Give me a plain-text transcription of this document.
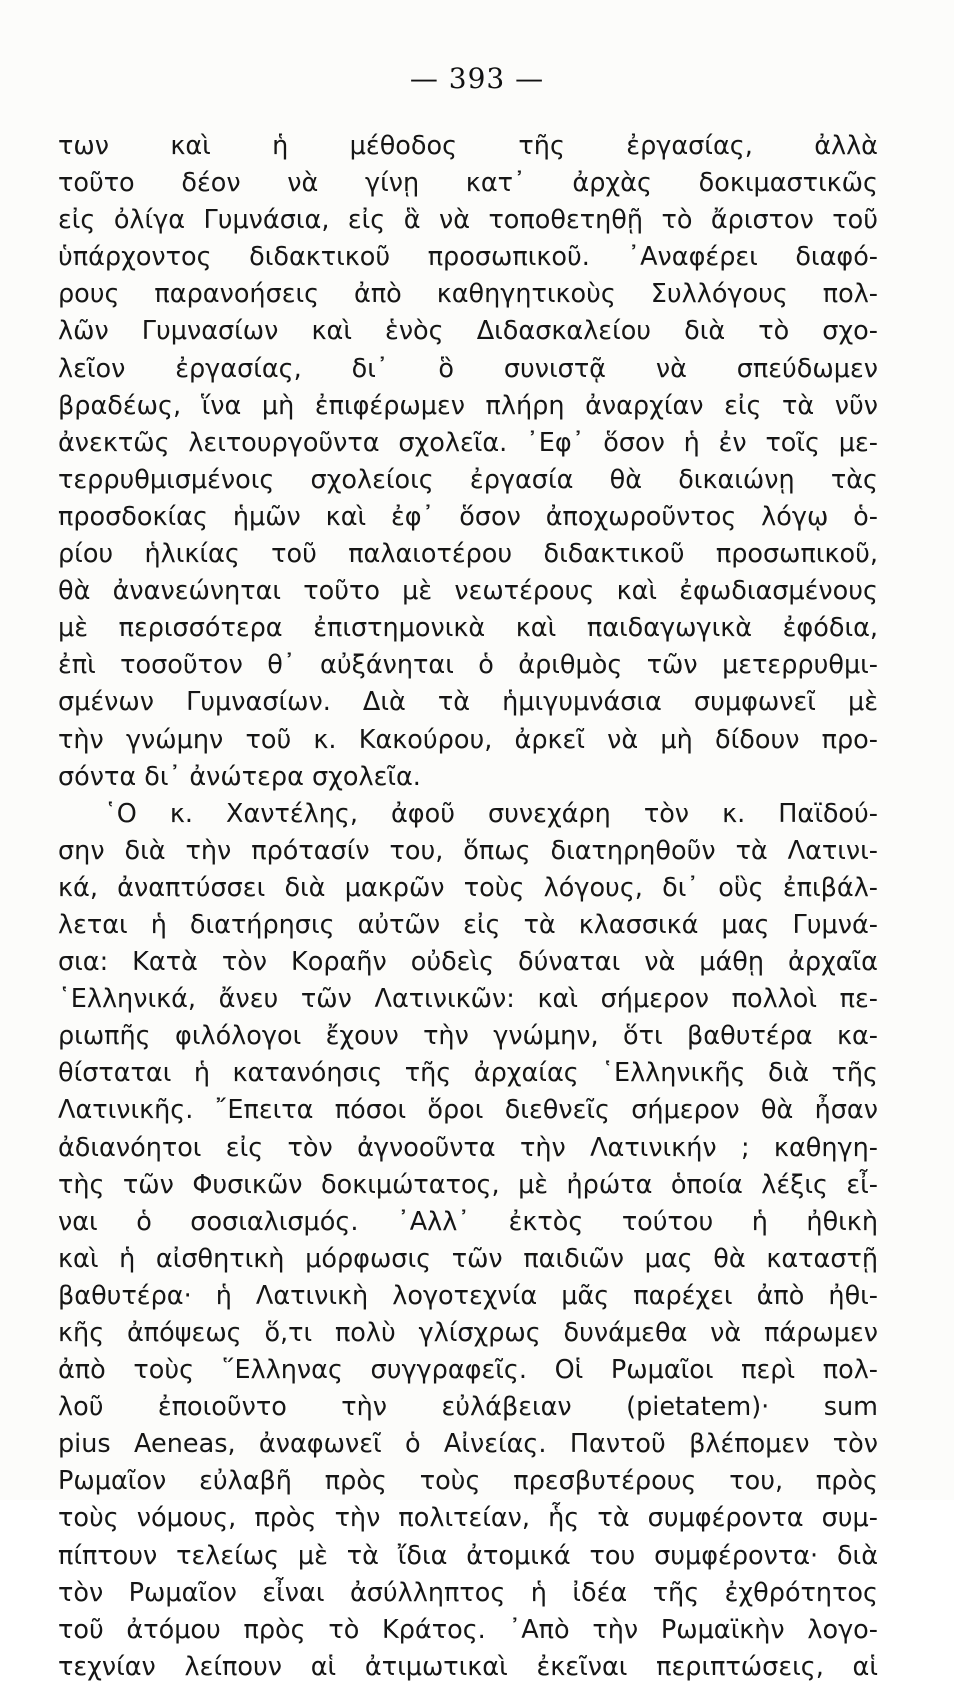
— 393 —
των καὶ ἡ μέθοδος τῆς ἐργασίας, ἀλλὰ
τοῦτο δέον νὰ γίνῃ κατ᾽ ἀρχὰς δοκιμαστικῶς
εἰς ὀλίγα Γυμνάσια, εἰς ἃ νὰ τοποθετηθῇ τὸ ἄριστον τοῦ
ὑπάρχοντος διδακτικοῦ προσωπικοῦ. ᾽Αναφέρει διαφό-
ρους παρανοήσεις ἀπὸ καθηγητικοὺς Συλλόγους πολ-
λῶν Γυμνασίων καὶ ἑνὸς Διδασκαλείου διὰ τὸ σχο-
λεῖον ἐργασίας, δι᾽ ὃ συνιστᾷ νὰ σπεύδωμεν
βραδέως, ἵνα μὴ ἐπιφέρωμεν πλήρη ἀναρχίαν εἰς τὰ νῦν
ἀνεκτῶς λειτουργοῦντα σχολεῖα. ᾽Εφ᾽ ὅσον ἡ ἐν τοῖς με-
τερρυθμισμένοις σχολείοις ἐργασία θὰ δικαιώνῃ τὰς
προσδοκίας ἡμῶν καὶ ἐφ᾽ ὅσον ἀποχωροῦντος λόγῳ ὁ-
ρίου ἡλικίας τοῦ παλαιοτέρου διδακτικοῦ προσωπικοῦ,
θὰ ἀνανεώνηται τοῦτο μὲ νεωτέρους καὶ ἐφωδιασμένους
μὲ περισσότερα ἐπιστημονικὰ καὶ παιδαγωγικὰ ἐφόδια,
ἐπὶ τοσοῦτον θ᾽ αὐξάνηται ὁ ἀριθμὸς τῶν μετερρυθμι-
σμένων Γυμνασίων. Διὰ τὰ ἡμιγυμνάσια συμφωνεῖ μὲ
τὴν γνώμην τοῦ κ. Κακούρου, ἀρκεῖ νὰ μὴ δίδουν προ-
σόντα δι᾽ ἀνώτερα σχολεῖα.
῾Ο κ. Χαντέλης, ἀφοῦ συνεχάρη τὸν κ. Παϊδού-
σην διὰ τὴν πρότασίν του, ὅπως διατηρηθοῦν τὰ Λατινι-
κά, ἀναπτύσσει διὰ μακρῶν τοὺς λόγους, δι᾽ οὓς ἐπιβάλ-
λεται ἡ διατήρησις αὐτῶν εἰς τὰ κλασσικά μας Γυμνά-
σια: Κατὰ τὸν Κοραῆν οὐδεὶς δύναται νὰ μάθῃ ἀρχαῖα
῾Ελληνικά, ἄνευ τῶν Λατινικῶν: καὶ σήμερον πολλοὶ πε-
ριωπῆς φιλόλογοι ἔχουν τὴν γνώμην, ὅτι βαθυτέρα κα-
θίσταται ἡ κατανόησις τῆς ἀρχαίας ῾Ελληνικῆς διὰ τῆς
Λατινικῆς. ῎Επειτα πόσοι ὅροι διεθνεῖς σήμερον θὰ ἦσαν
ἀδιανόητοι εἰς τὸν ἀγνοοῦντα τὴν Λατινικήν ; καθηγη-
τὴς τῶν Φυσικῶν δοκιμώτατος, μὲ ἠρώτα ὁποία λέξις εἶ-
ναι ὁ σοσιαλισμός. ᾽Αλλ᾽ ἐκτὸς τούτου ἡ ἠθικὴ
καὶ ἡ αἰσθητικὴ μόρφωσις τῶν παιδιῶν μας θὰ καταστῇ
βαθυτέρα· ἡ Λατινικὴ λογοτεχνία μᾶς παρέχει ἀπὸ ἠθι-
κῆς ἀπόψεως ὅ,τι πολὺ γλίσχρως δυνάμεθα νὰ πάρωμεν
ἀπὸ τοὺς ῞Ελληνας συγγραφεῖς. Οἱ Ρωμαῖοι περὶ πολ-
λοῦ ἐποιοῦντο τὴν εὐλάβειαν (pietatem)· sum
pius Aeneas, ἀναφωνεῖ ὁ Αἰνείας. Παντοῦ βλέπομεν τὸν
Ρωμαῖον εὐλαβῆ πρὸς τοὺς πρεσβυτέρους του, πρὸς
τοὺς νόμους, πρὸς τὴν πολιτείαν, ἧς τὰ συμφέροντα συμ-
πίπτουν τελείως μὲ τὰ ἴδια ἀτομικά του συμφέροντα· διὰ
τὸν Ρωμαῖον εἶναι ἀσύλληπτος ἡ ἰδέα τῆς ἐχθρότητος
τοῦ ἀτόμου πρὸς τὸ Κράτος. ᾽Απὸ τὴν Ρωμαϊκὴν λογο-
τεχνίαν λείπουν αἱ ἀτιμωτικαὶ ἐκεῖναι περιπτώσεις, αἱ
